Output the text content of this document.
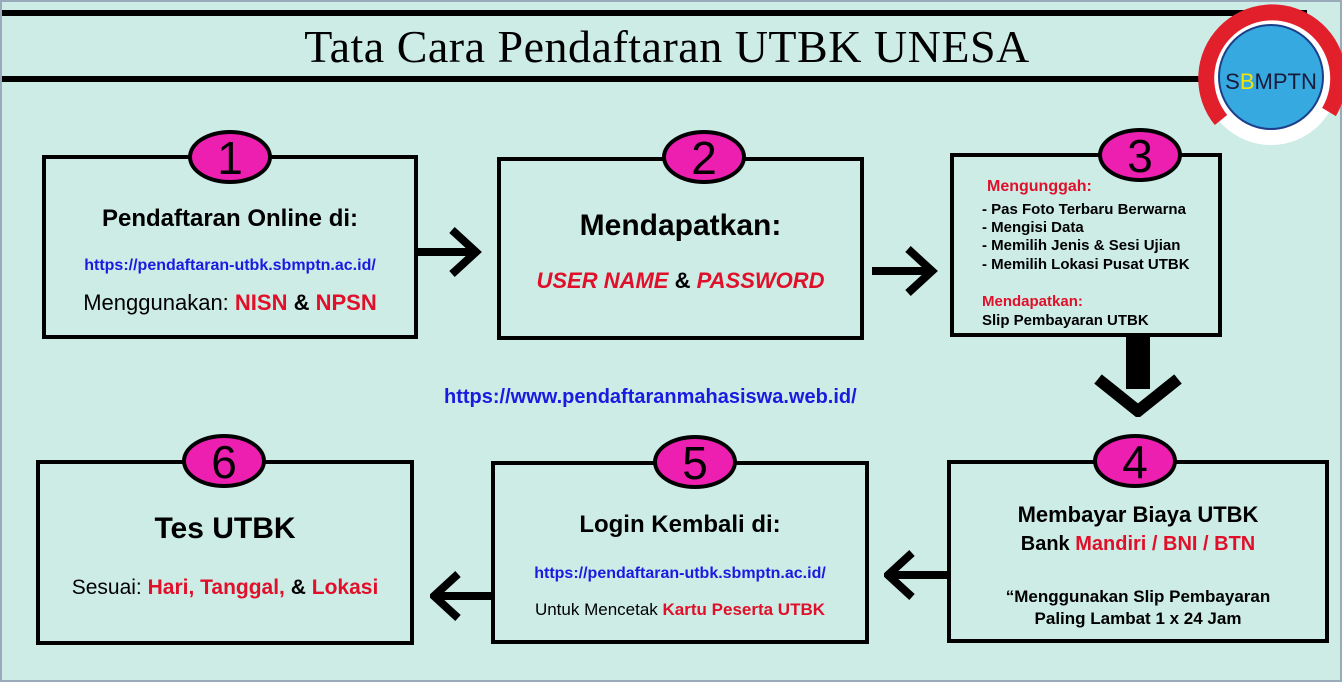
Tata Cara Pendaftaran UTBK UNESA
SBMPTN
1
Pendaftaran Online di:
https://pendaftaran-utbk.sbmptn.ac.id/
Menggunakan: NISN & NPSN
2
Mendapatkan:
USER NAME & PASSWORD
3
Mengunggah:
- Pas Foto Terbaru Berwarna
- Mengisi Data
- Memilih Jenis & Sesi Ujian
- Memilih Lokasi Pusat UTBK
Mendapatkan:
Slip Pembayaran UTBK
https://www.pendaftaranmahasiswa.web.id/
4
Membayar Biaya UTBK
Bank Mandiri / BNI / BTN
“Menggunakan Slip Pembayaran
Paling Lambat 1 x 24 Jam
5
Login Kembali di:
https://pendaftaran-utbk.sbmptn.ac.id/
Untuk Mencetak Kartu Peserta UTBK
6
Tes UTBK
Sesuai: Hari, Tanggal, & Lokasi
